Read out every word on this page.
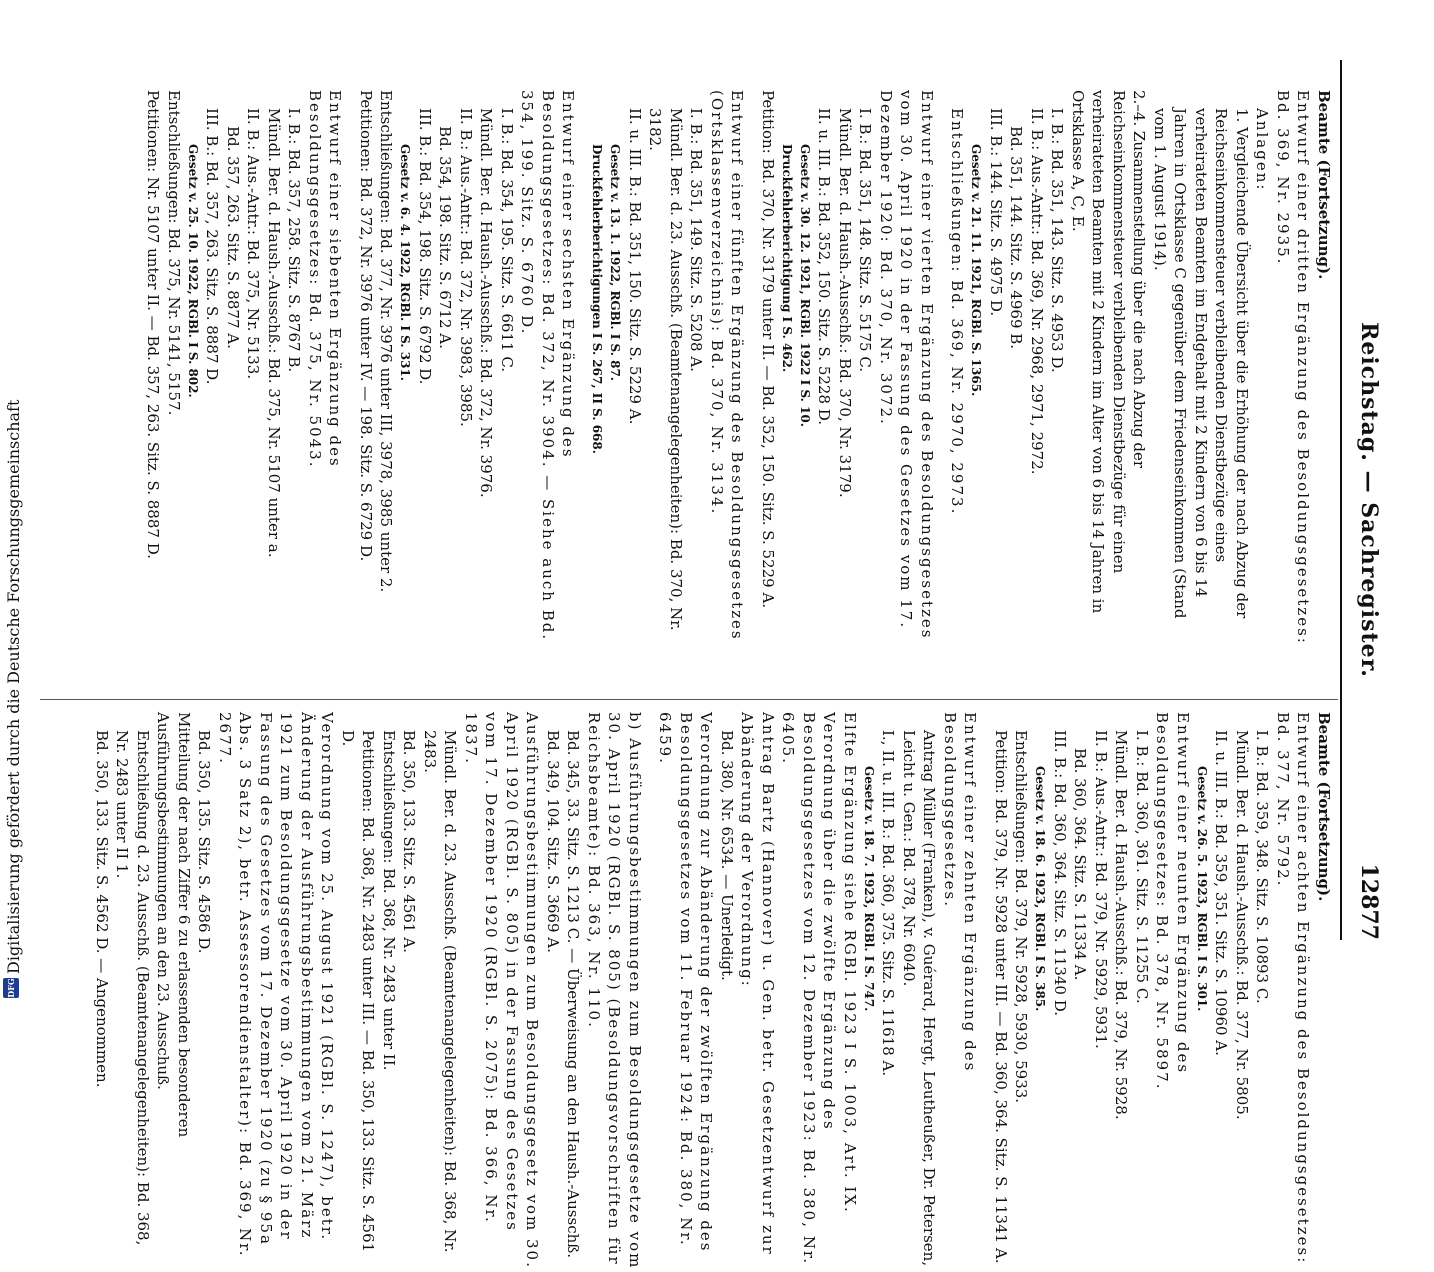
Reichstag. — Sachregister.
12877

Beamte (Fortsetzung).

Entwurf einer dritten Ergänzung des Besoldungsgesetzes: Bd. 369, Nr. 2935.

Anlagen:

1. Vergleichende Übersicht über die Erhöhung der nach Abzug der Reichseinkommensteuer verbleibenden Dienstbezüge eines verheirateten Beamten im Endgehalt mit 2 Kindern von 6 bis 14 Jahren in Ortsklasse C gegenüber dem Friedenseinkommen (Stand vom 1. August 1914).

2.–4. Zusammenstellung über die nach Abzug der Reichseinkommensteuer verbleibenden Dienstbezüge für einen verheirateten Beamten mit 2 Kindern im Alter von 6 bis 14 Jahren in Ortsklasse A, C, E.

I. B.: Bd. 351, 143. Sitz. S. 4953 D.

II. B.: Aus.-Antr.: Bd. 369, Nr. 2968, 2971, 2972.

Bd. 351, 144. Sitz. S. 4969 B.

III. B.: 144. Sitz. S. 4975 D.

Gesetz v. 21. 11. 1921, RGBl. S. 1365.

Entschließungen: Bd. 369, Nr. 2970, 2973.

Entwurf einer vierten Ergänzung des Besoldungsgesetzes vom 30. April 1920 in der Fassung des Gesetzes vom 17. Dezember 1920: Bd. 370, Nr. 3072.

I. B.: Bd. 351, 148. Sitz. S. 5175 C.

Mündl. Ber. d. Haush.-Ausschß.: Bd. 370, Nr. 3179.

II. u. III. B.: Bd. 352, 150. Sitz. S. 5228 D.

Gesetz v. 30. 12. 1921, RGBl. 1922 I S. 10.

Druckfehlerberichtigung I S. 462.

Petition: Bd. 370, Nr. 3179 unter II. — Bd. 352, 150. Sitz. S. 5229 A.

Entwurf einer fünften Ergänzung des Besoldungsgesetzes (Ortsklassenverzeichnis): Bd. 370, Nr. 3134.

I. B.: Bd. 351, 149. Sitz. S. 5208 A.

Mündl. Ber. d. 23. Ausschß. (Beamtenangelegenheiten): Bd. 370, Nr. 3182.

II. u. III. B.: Bd. 351, 150. Sitz. S. 5229 A.

Gesetz v. 13. 1. 1922, RGBl. I S. 87.

Druckfehlerberichtigungen I S. 267, II S. 668.

Entwurf einer sechsten Ergänzung des Besoldungsgesetzes: Bd. 372, Nr. 3904. — Siehe auch Bd. 354, 199. Sitz. S. 6760 D.

I. B.: Bd. 354, 195. Sitz. S. 6611 C.

Mündl. Ber. d. Haush.-Ausschß.: Bd. 372, Nr. 3976.

II. B.: Aus.-Antr.: Bd. 372, Nr. 3983, 3985.

Bd. 354, 198. Sitz. S. 6712 A.

III. B.: Bd. 354, 198. Sitz. S. 6792 D.

Gesetz v. 6. 4. 1922, RGBl. I S. 331.

Entschließungen: Bd. 377, Nr. 3976 unter III, 3978, 3985 unter 2.

Petitionen: Bd. 372, Nr. 3976 unter IV. — 198. Sitz. S. 6729 D.

Entwurf einer siebenten Ergänzung des Besoldungsgesetzes: Bd. 375, Nr. 5043.

I. B.: Bd. 357, 258. Sitz. S. 8767 B.

Mündl. Ber. d. Haush.-Ausschß.: Bd. 375, Nr. 5107 unter a.

II. B.: Aus.-Antr.: Bd. 375, Nr. 5133.

Bd. 357, 263. Sitz. S. 8877 A.

III. B.: Bd. 357, 263. Sitz. S. 8887 D.

Gesetz v. 25. 10. 1922, RGBl. I S. 802.

Entschließungen: Bd. 375, Nr. 5141, 5157.

Petitionen: Nr. 5107 unter II. — Bd. 357, 263. Sitz. S. 8887 D.

Beamte (Fortsetzung).

Entwurf einer achten Ergänzung des Besoldungsgesetzes: Bd. 377, Nr. 5792.

I. B.: Bd. 359, 348. Sitz. S. 10893 C.

Mündl. Ber. d. Haush.-Ausschß.: Bd. 377, Nr. 5805.

II. u. III. B.: Bd. 359, 351. Sitz. S. 10960 A.

Gesetz v. 26. 5. 1923, RGBl. I S. 301.

Entwurf einer neunten Ergänzung des Besoldungsgesetzes: Bd. 378, Nr. 5897.

I. B.: Bd. 360, 361. Sitz. S. 11255 C.

Mündl. Ber. d. Haush.-Ausschß.: Bd. 379, Nr. 5928.

II. B.: Aus.-Antr.: Bd. 379, Nr. 5929, 5931.

Bd. 360, 364. Sitz. S. 11334 A.

III. B.: Bd. 360, 364. Sitz. S. 11340 D.

Gesetz v. 18. 6. 1923, RGBl. I S. 385.

Entschließungen: Bd. 379, Nr. 5928, 5930, 5933.

Petition: Bd. 379, Nr. 5928 unter III. — Bd. 360, 364. Sitz. S. 11341 A.

Entwurf einer zehnten Ergänzung des Besoldungsgesetzes.

Antrag Müller (Franken), v. Guérard, Hergt, Leutheußer, Dr. Petersen, Leicht u. Gen.: Bd. 378, Nr. 6040.

I., II. u. III. B.: Bd. 360, 375. Sitz. S. 11618 A.

Gesetz v. 18. 7. 1923, RGBl. I S. 747.

Elfte Ergänzung siehe RGBl. 1923 I S. 1003, Art. IX.

Verordnung über die zwölfte Ergänzung des Besoldungsgesetzes vom 12. Dezember 1923: Bd. 380, Nr. 6405.

Antrag Bartz (Hannover) u. Gen. betr. Gesetzentwurf zur Abänderung der Verordnung:

Bd. 380, Nr. 6534. — Unerledigt.

Verordnung zur Abänderung der zwölften Ergänzung des Besoldungsgesetzes vom 11. Februar 1924: Bd. 380, Nr. 6459.

b) Ausführungsbestimmungen zum Besoldungsgesetze vom 30. April 1920 (RGBl. S. 805) (Besoldungsvorschriften für Reichsbeamte): Bd. 363, Nr. 110.

Bd. 345, 33. Sitz. S. 1213 C. — Überweisung an den Haush.-Ausschß.

Bd. 349, 104. Sitz. S. 3669 A.

Ausführungsbestimmungen zum Besoldungsgesetz vom 30. April 1920 (RGBl. S. 805) in der Fassung des Gesetzes vom 17. Dezember 1920 (RGBl. S. 2075): Bd. 366, Nr. 1837.

Mündl. Ber. d. 23. Ausschß. (Beamtenangelegenheiten): Bd. 368, Nr. 2483.

Bd. 350, 133. Sitz. S. 4561 A.

Entschließungen: Bd. 368, Nr. 2483 unter II.

Petitionen: Bd. 368, Nr. 2483 unter III. — Bd. 350, 133. Sitz. S. 4561 D.

Verordnung vom 25. August 1921 (RGBl. S. 1247), betr. Änderung der Ausführungsbestimmungen vom 21. März 1921 zum Besoldungsgesetze vom 30. April 1920 in der Fassung des Gesetzes vom 17. Dezember 1920 (zu § 95a Abs. 3 Satz 2), betr. Assessorendienstalter): Bd. 369, Nr. 2677.

Bd. 350, 135. Sitz. S. 4586 D.

Mitteilung der nach Ziffer 6 zu erlassenden besonderen Ausführungsbestimmungen an den 23. Ausschuß.

Entschließung d. 23. Ausschß. (Beamtenangelegenheiten): Bd. 368, Nr. 2483 unter II 1.

Bd. 350, 133. Sitz. S. 4562 D. — Angenommen.

DFG
Digitalisierung gefördert durch die Deutsche Forschungsgemeinschaft
